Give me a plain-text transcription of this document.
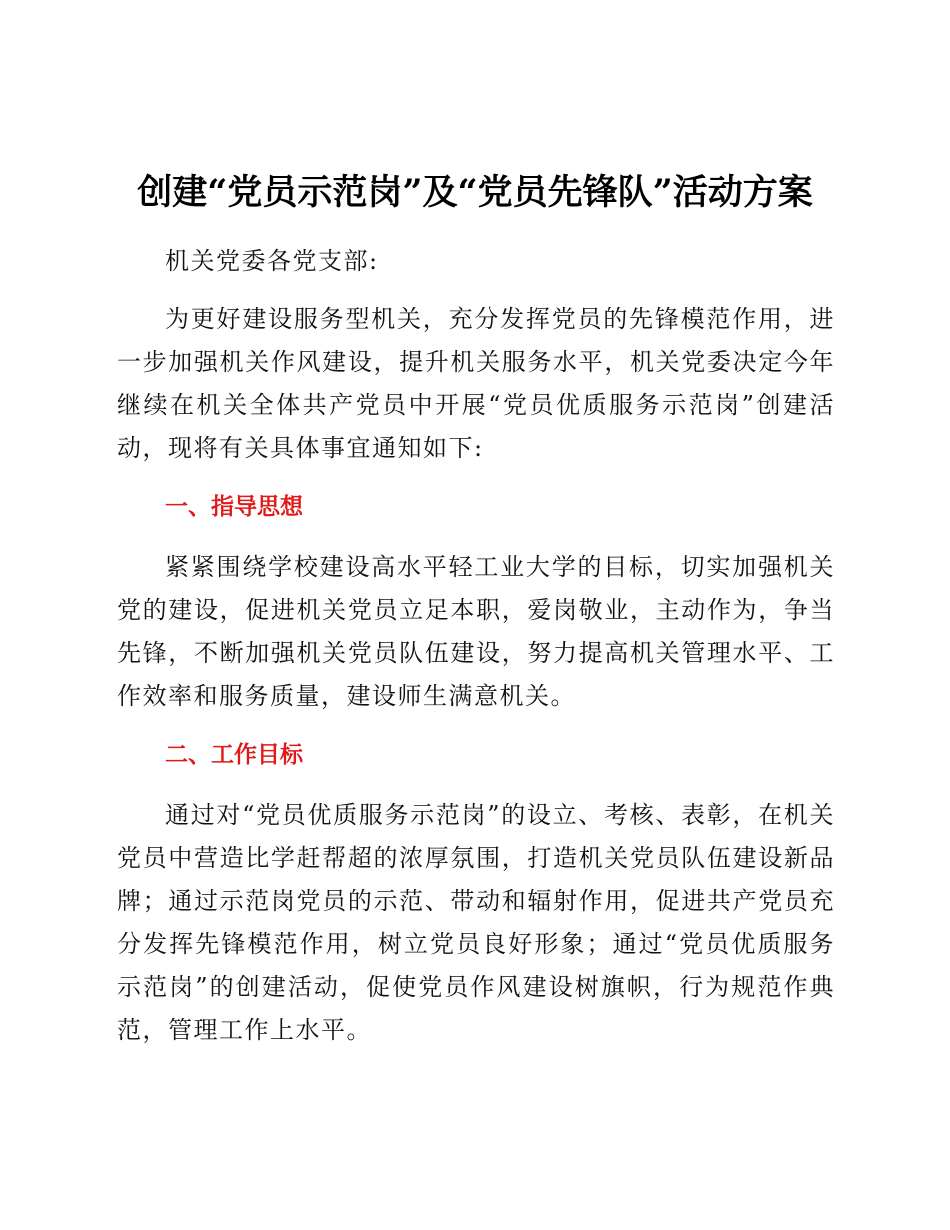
创建“党员示范岗”及“党员先锋队”活动方案

机关党委各党支部:

为更好建设服务型机关，充分发挥党员的先锋模范作用，进一步加强机关作风建设，提升机关服务水平，机关党委决定今年继续在机关全体共产党员中开展“党员优质服务示范岗”创建活动，现将有关具体事宜通知如下:

一、指导思想

紧紧围绕学校建设高水平轻工业大学的目标，切实加强机关党的建设，促进机关党员立足本职，爱岗敬业，主动作为，争当先锋，不断加强机关党员队伍建设，努力提高机关管理水平、工作效率和服务质量，建设师生满意机关。

二、工作目标

通过对“党员优质服务示范岗”的设立、考核、表彰，在机关党员中营造比学赶帮超的浓厚氛围，打造机关党员队伍建设新品牌；通过示范岗党员的示范、带动和辐射作用，促进共产党员充分发挥先锋模范作用，树立党员良好形象；通过“党员优质服务示范岗”的创建活动，促使党员作风建设树旗帜，行为规范作典范，管理工作上水平。
